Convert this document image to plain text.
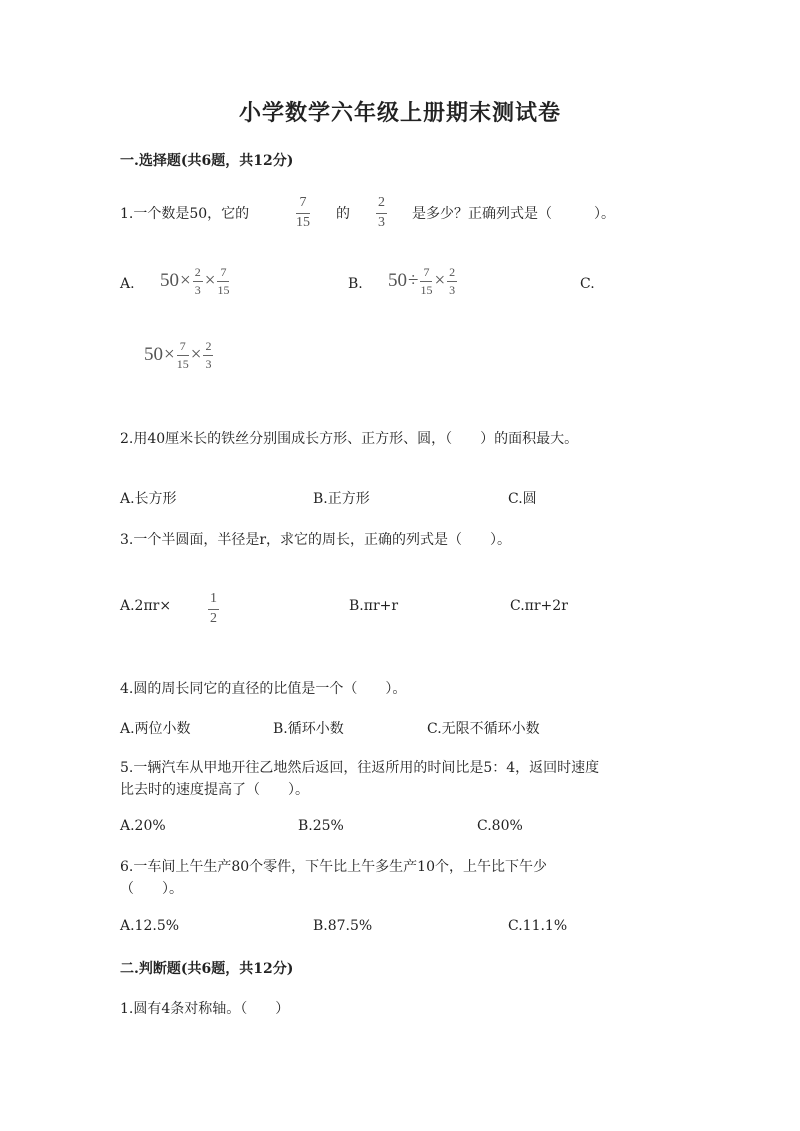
小学数学六年级上册期末测试卷
一.选择题(共6题，共12分)
1.一个数是50，它的
7
15
的
2
3
是多少？正确列式是（　　　）。
A. $50 \times \frac{2}{3} \times \frac{7}{15}$	B. $50 \div \frac{7}{15} \times \frac{2}{3}$	C.
$50 \times \frac{7}{15} \times \frac{2}{3}$
2.用40厘米长的铁丝分别围成长方形、正方形、圆，（　　）的面积最大。
A.长方形	B.正方形	C.圆
3.一个半圆面，半径是r，求它的周长，正确的列式是（　　）。
A.2πr×	1
2
B.πr+r	C.πr+2r
4.圆的周长同它的直径的比值是一个（　　）。
A.两位小数	B.循环小数	C.无限不循环小数
5.一辆汽车从甲地开往乙地然后返回，往返所用的时间比是5：4，返回时速度
比去时的速度提高了（　　）。
A.20%	B.25%	C.80%
6.一车间上午生产80个零件，下午比上午多生产10个，上午比下午少
（　　）。
A.12.5%	B.87.5%	C.11.1%
二.判断题(共6题，共12分)
1.圆有4条对称轴。（　　）
